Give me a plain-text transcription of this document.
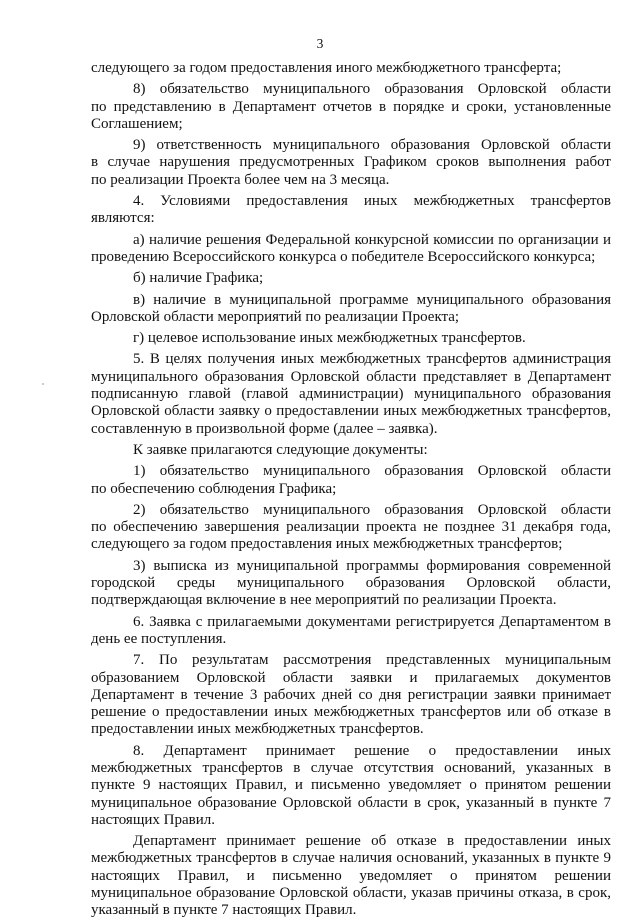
3
следующего за годом предоставления иного межбюджетного трансферта;
8) обязательство муниципального образования Орловской области
по представлению в Департамент отчетов в порядке и сроки, установленные
Соглашением;
9) ответственность муниципального образования Орловской области
в случае нарушения предусмотренных Графиком сроков выполнения работ
по реализации Проекта более чем на 3 месяца.
4. Условиями предоставления иных межбюджетных трансфертов
являются:
а) наличие решения Федеральной конкурсной комиссии по организации и
проведению Всероссийского конкурса о победителе Всероссийского конкурса;
б) наличие Графика;
в) наличие в муниципальной программе муниципального образования
Орловской области мероприятий по реализации Проекта;
г) целевое использование иных межбюджетных трансфертов.
5. В целях получения иных межбюджетных трансфертов администрация
муниципального образования Орловской области представляет в Департамент
подписанную главой (главой администрации) муниципального образования
Орловской области заявку о предоставлении иных межбюджетных трансфертов,
составленную в произвольной форме (далее – заявка).
К заявке прилагаются следующие документы:
1) обязательство муниципального образования Орловской области
по обеспечению соблюдения Графика;
2) обязательство муниципального образования Орловской области
по обеспечению завершения реализации проекта не позднее 31 декабря года,
следующего за годом предоставления иных межбюджетных трансфертов;
3) выписка из муниципальной программы формирования современной
городской среды муниципального образования Орловской области,
подтверждающая включение в нее мероприятий по реализации Проекта.
6. Заявка с прилагаемыми документами регистрируется Департаментом в
день ее поступления.
7. По результатам рассмотрения представленных муниципальным
образованием Орловской области заявки и прилагаемых документов
Департамент в течение 3 рабочих дней со дня регистрации заявки принимает
решение о предоставлении иных межбюджетных трансфертов или об отказе в
предоставлении иных межбюджетных трансфертов.
8. Департамент принимает решение о предоставлении иных
межбюджетных трансфертов в случае отсутствия оснований, указанных в
пункте 9 настоящих Правил, и письменно уведомляет о принятом решении
муниципальное образование Орловской области в срок, указанный в пункте 7
настоящих Правил.
Департамент принимает решение об отказе в предоставлении иных
межбюджетных трансфертов в случае наличия оснований, указанных в пункте 9
настоящих Правил, и письменно уведомляет о принятом решении
муниципальное образование Орловской области, указав причины отказа, в срок,
указанный в пункте 7 настоящих Правил.
